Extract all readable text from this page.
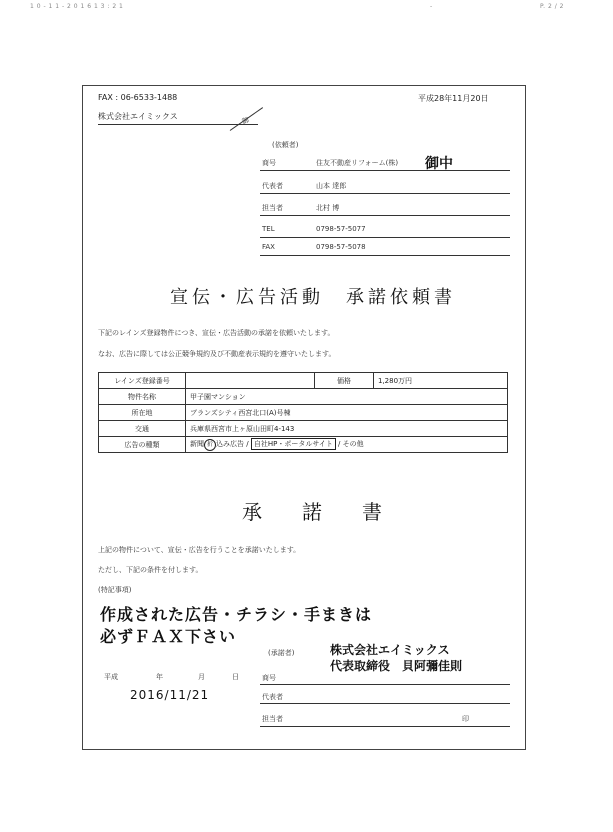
1 0 - 1 1 - 2 0 1 6 1 3 : 2 1	-	P. 2 / 2
FAX : 06-6533-1488	平成28年11月20日
株式会社エイミックス	御
(依頼者)
商号	住友不動産リフォーム(株) 御中
代表者	山本 達郎
担当者	北村 博
TEL	0798-57-5077
FAX	0798-57-5078
宣伝・広告活動　承諾依頼書
下記のレインズ登録物件につき、宣伝・広告活動の承諾を依頼いたします。
なお、広告に際しては公正競争規約及び不動産表示規約を遵守いたします。
レインズ登録番号		価格	1,280万円
物件名称	甲子園マンション		
所在地	ブランズシティ西宮北口(A)号棟		
交通	兵庫県西宮市上ヶ原山田町4-143		
広告の種類	新聞 折 込み広告 / 自社HP・ポータルサイト / その他		
承　　諾　　書
上記の物件について、宣伝・広告を行うことを承諾いたします。
ただし、下記の条件を付します。
(特記事項)
作成された広告・チラシ・手まきは
必ずＦＡＸ下さい
(承諾者)	株式会社エイミックス
代表取締役　貝阿彌佳則
平成	年	月	日
2016/11/21
商号
代表者
担当者	印
